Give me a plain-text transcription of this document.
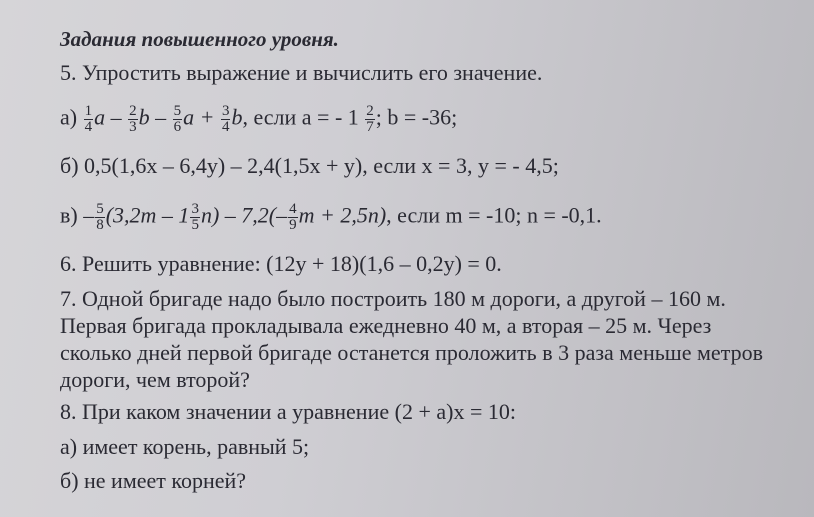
Задания повышенного уровня.
5. Упростить выражение и вычислить его значение.
$а) \frac{1}{4}$ a – $\frac{2}{3}$ b – $\frac{5}{6}$ $a + \frac{3}{4} b$, если a = - $1 \frac{2}{7}$ ; b = -36;
б) 0,5(1,6x – 6,4y) – 2,4(1,5x + y), если x = 3, y = - 4,5;
$в) - \frac{5}{8} (3,2m - 1 \frac{3}{5} n) - 7,2(- \frac{4}{9}$ m + 2,5n), если m = -10; n = -0,1.
6. Решить уравнение: (12y + 18)(1,6 – 0,2y) = 0.
7. Одной бригаде надо было построить 180 м дороги, а другой – 160 м.
Первая бригада прокладывала ежедневно 40 м, а вторая – 25 м. Через
сколько дней первой бригаде останется проложить в 3 раза меньше метров
дороги, чем второй?
8. При каком значении a уравнение (2 + a)x = 10:
а) имеет корень, равный 5;
б) не имеет корней?
